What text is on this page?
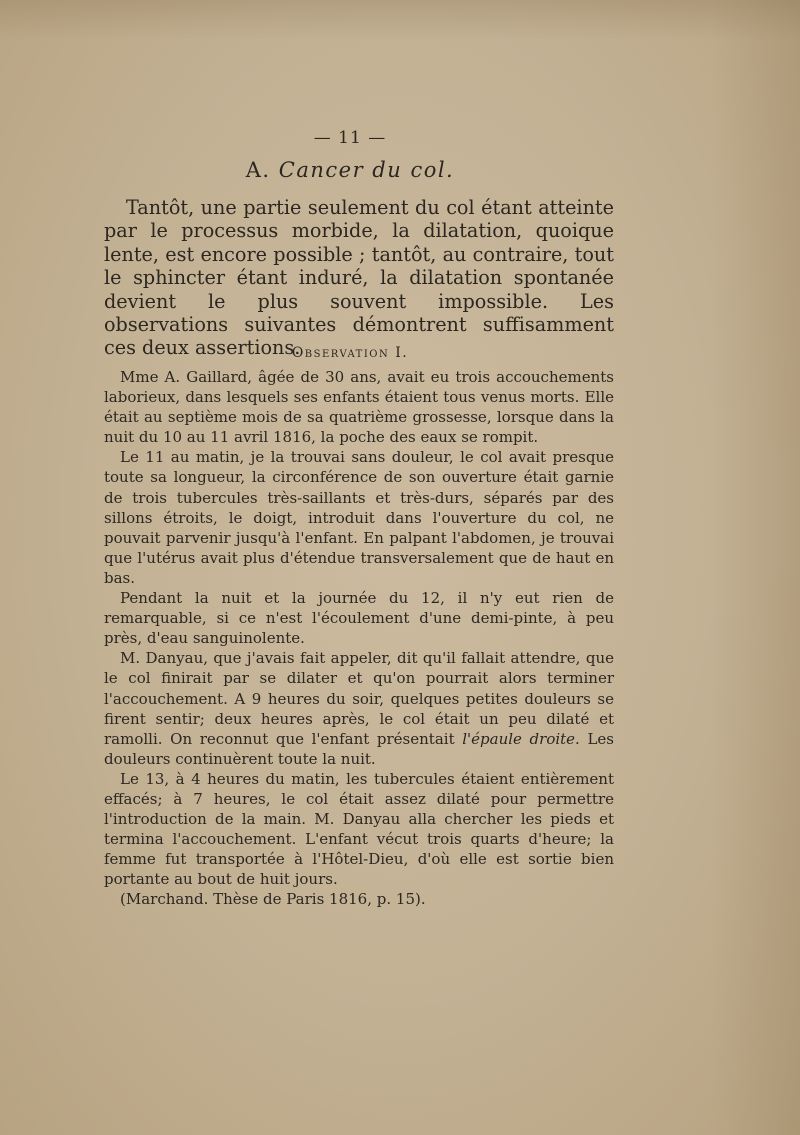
— 11 —
A. Cancer du col.

Tantôt, une partie seulement du col étant atteinte par le processus morbide, la dilatation, quoique lente, est encore possible ; tantôt, au contraire, tout le sphincter étant induré, la dilatation spontanée devient le plus souvent impossible. Les observations suivantes démontrent suffisamment ces deux assertions.

Observation I.

Mme A. Gaillard, âgée de 30 ans, avait eu trois accouchements laborieux, dans lesquels ses enfants étaient tous venus morts. Elle était au septième mois de sa quatrième grossesse, lorsque dans la nuit du 10 au 11 avril 1816, la poche des eaux se rompit.

Le 11 au matin, je la trouvai sans douleur, le col avait presque toute sa longueur, la circonférence de son ouverture était garnie de trois tubercules très-saillants et très-durs, séparés par des sillons étroits, le doigt, introduit dans l'ouverture du col, ne pouvait parvenir jusqu'à l'enfant. En palpant l'abdomen, je trouvai que l'utérus avait plus d'étendue transversalement que de haut en bas.

Pendant la nuit et la journée du 12, il n'y eut rien de remarquable, si ce n'est l'écoulement d'une demi-pinte, à peu près, d'eau sanguinolente.

M. Danyau, que j'avais fait appeler, dit qu'il fallait attendre, que le col finirait par se dilater et qu'on pourrait alors terminer l'accouchement. A 9 heures du soir, quelques petites douleurs se firent sentir; deux heures après, le col était un peu dilaté et ramolli. On reconnut que l'enfant présentait l'épaule droite. Les douleurs continuèrent toute la nuit.

Le 13, à 4 heures du matin, les tubercules étaient entièrement effacés; à 7 heures, le col était assez dilaté pour permettre l'introduction de la main. M. Danyau alla chercher les pieds et termina l'accouchement. L'enfant vécut trois quarts d'heure; la femme fut transportée à l'Hôtel-Dieu, d'où elle est sortie bien portante au bout de huit jours.

(Marchand. Thèse de Paris 1816, p. 15).
